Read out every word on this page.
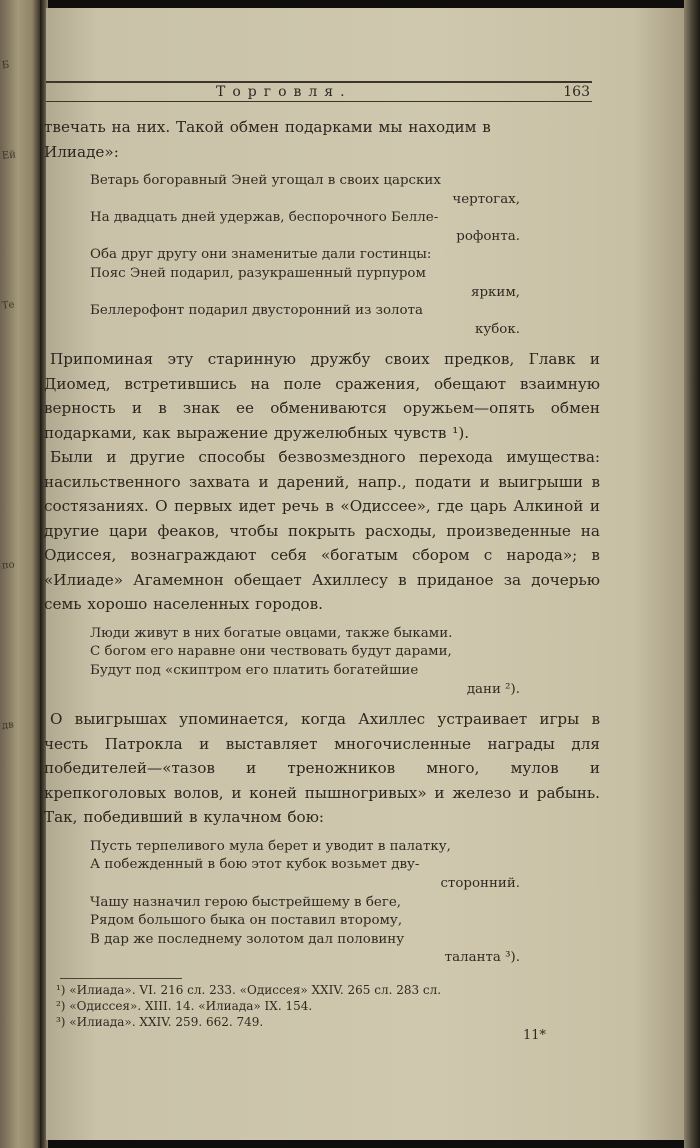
Б
Ей
Те
по
дв
Торговля.	163

твечать на них. Такой обмен подарками мы находим в
Илиаде»:

Ветарь богоравный Эней угощал в своих царских
чертогах,
На двадцать дней удержав, беспорочного Белле-
рофонта.
Оба друг другу они знаменитые дали гостинцы:
Пояс Эней подарил, разукрашенный пурпуром
ярким,
Беллерофонт подарил двусторонний из золота
кубок.

Припоминая эту старинную дружбу своих предков, Главк и Диомед, встретившись на поле сражения, обещают взаимную верность и в знак ее обмениваются оружьем—опять обмен подарками, как выражение дружелюбных чувств ¹).

Были и другие способы безвозмездного перехода имущества: насильственного захвата и дарений, напр., подати и выигрыши в состязаниях. О первых идет речь в «Одиссее», где царь Алкиной и другие цари феаков, чтобы покрыть расходы, произведенные на Одиссея, вознаграждают себя «богатым сбором с народа»; в «Илиаде» Агамемнон обещает Ахиллесу в приданое за дочерью семь хорошо населенных городов.

Люди живут в них богатые овцами, также быками.
С богом его наравне они чествовать будут дарами,
Будут под «скиптром его платить богатейшие
дани ²).

О выигрышах упоминается, когда Ахиллес устраивает игры в честь Патрокла и выставляет многочисленные награды для победителей—«тазов и треножников много, мулов и крепкоголовых волов, и коней пышногривых» и железо и рабынь. Так, победивший в кулачном бою:

Пусть терпеливого мула берет и уводит в палатку,
А побежденный в бою этот кубок возьмет дву-
сторонний.
Чашу назначил герою быстрейшему в беге,
Рядом большого быка он поставил второму,
В дар же последнему золотом дал половину
таланта ³).
¹) «Илиада». VI. 216 сл. 233. «Одиссея» XXIV. 265 сл. 283 сл.
²) «Одиссея». XIII. 14. «Илиада» IX. 154.
³) «Илиада». XXIV. 259. 662. 749.
11*
